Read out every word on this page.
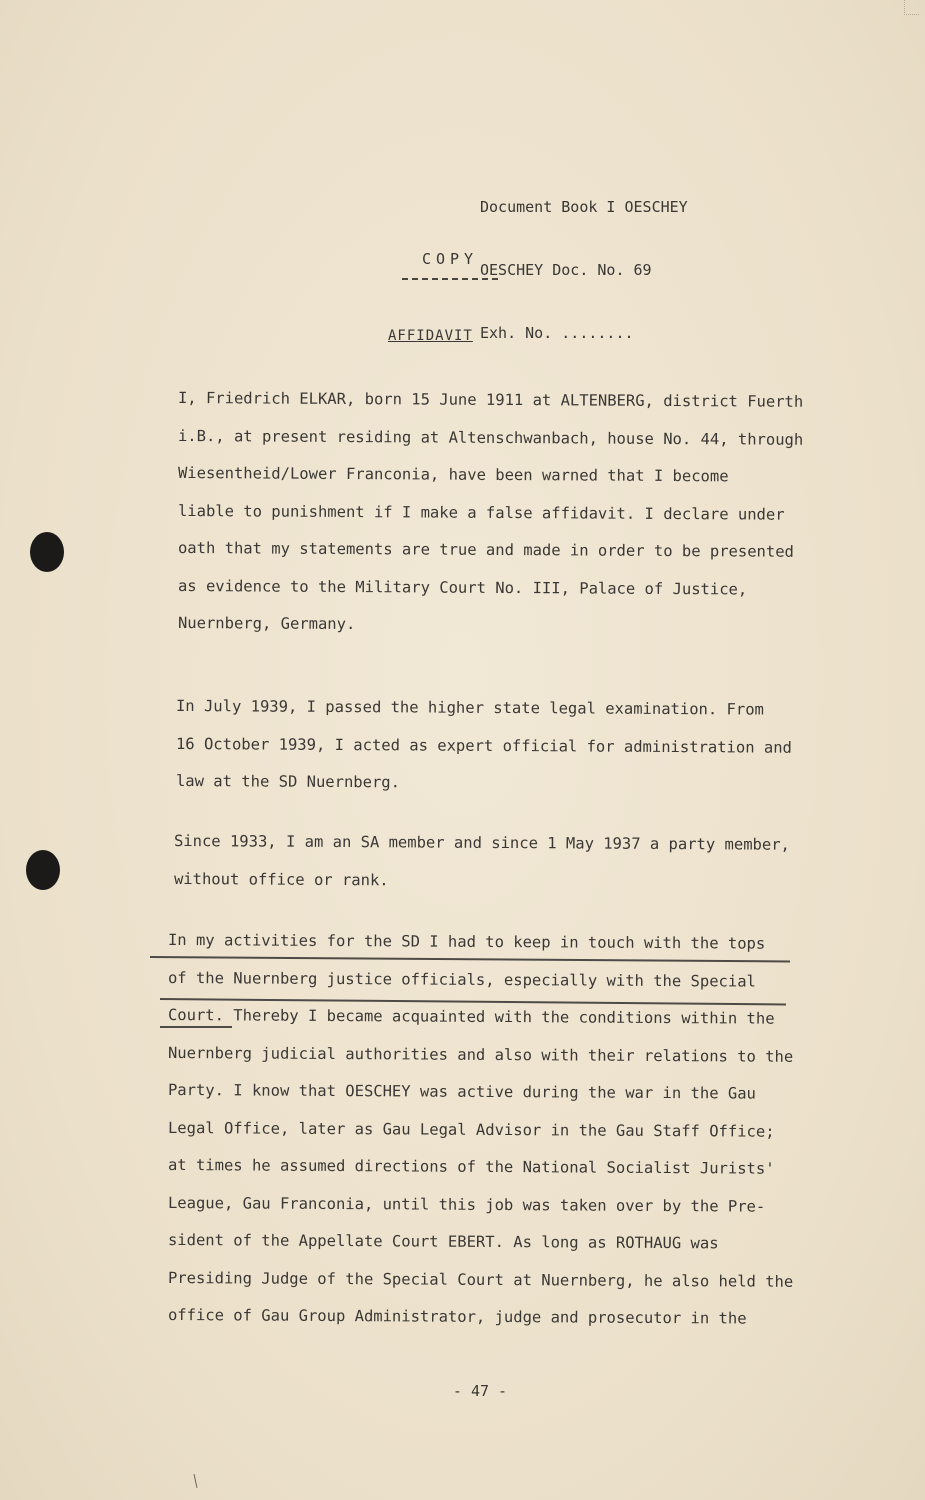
Document Book I OESCHEY

OESCHEY Doc. No. 69

Exh. No. ........

COPY
AFFIDAVIT
I, Friedrich ELKAR, born 15 June 1911 at ALTENBERG, district Fuerth
i.B., at present residing at Altenschwanbach, house No. 44, through
Wiesentheid/Lower Franconia, have been warned that I become
liable to punishment if I make a false affidavit. I declare under
oath that my statements are true and made in order to be presented
as evidence to the Military Court No. III, Palace of Justice,
Nuernberg, Germany.
In July 1939, I passed the higher state legal examination. From
16 October 1939, I acted as expert official for administration and
law at the SD Nuernberg.
Since 1933, I am an SA member and since 1 May 1937 a party member,
without office or rank.
In my activities for the SD I had to keep in touch with the tops
of the Nuernberg justice officials, especially with the Special
Court. Thereby I became acquainted with the conditions within the
Nuernberg judicial authorities and also with their relations to the
Party. I know that OESCHEY was active during the war in the Gau
Legal Office, later as Gau Legal Advisor in the Gau Staff Office;
at times he assumed directions of the National Socialist Jurists'
League, Gau Franconia, until this job was taken over by the Pre-
sident of the Appellate Court EBERT. As long as ROTHAUG was
Presiding Judge of the Special Court at Nuernberg, he also held the
office of Gau Group Administrator, judge and prosecutor in the
- 47 -
